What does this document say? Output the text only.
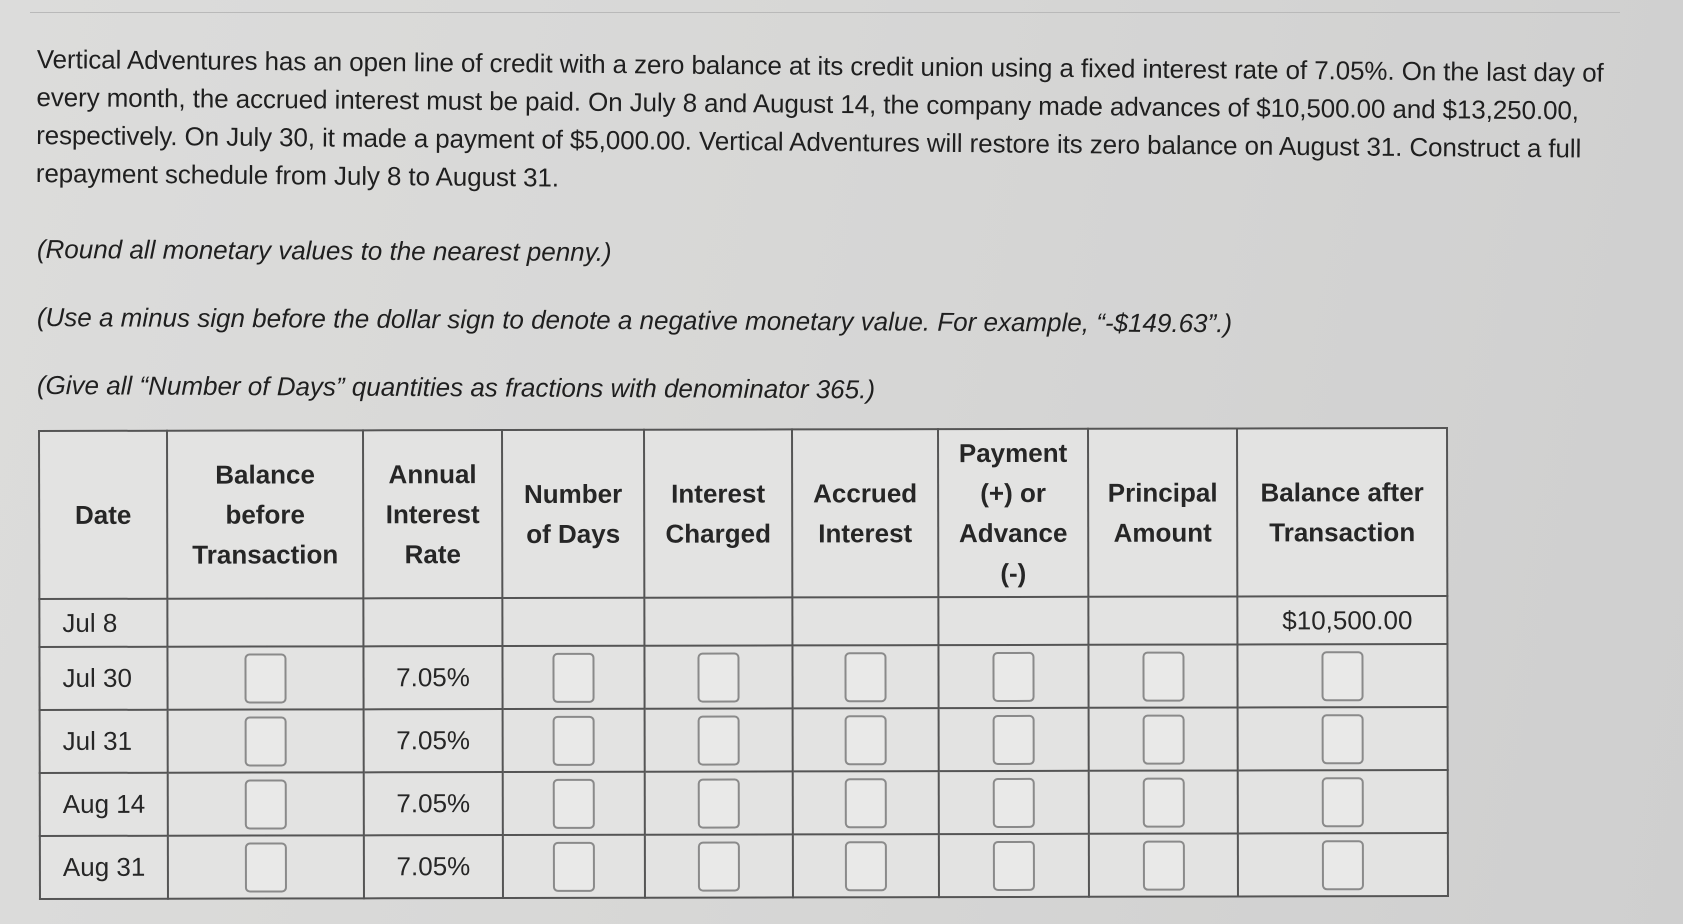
Vertical Adventures has an open line of credit with a zero balance at its credit union using a fixed interest rate of 7.05%. On the last day of every month, the accrued interest must be paid. On July 8 and August 14, the company made advances of $10,500.00 and $13,250.00, respectively. On July 30, it made a payment of $5,000.00. Vertical Adventures will restore its zero balance on August 31. Construct a full repayment schedule from July 8 to August 31.

(Round all monetary values to the nearest penny.)

(Use a minus sign before the dollar sign to denote a negative monetary value. For example, “-$149.63”.)

(Give all “Number of Days” quantities as fractions with denominator 365.)

Date	Balance before Transaction	Annual Interest Rate	Number of Days	Interest Charged	Accrued Interest	Payment (+) or Advance (-)	Principal Amount	Balance after Transaction
Jul 8								$10,500.00
Jul 30		7.05%						
Jul 31		7.05%						
Aug 14		7.05%						
Aug 31		7.05%						
